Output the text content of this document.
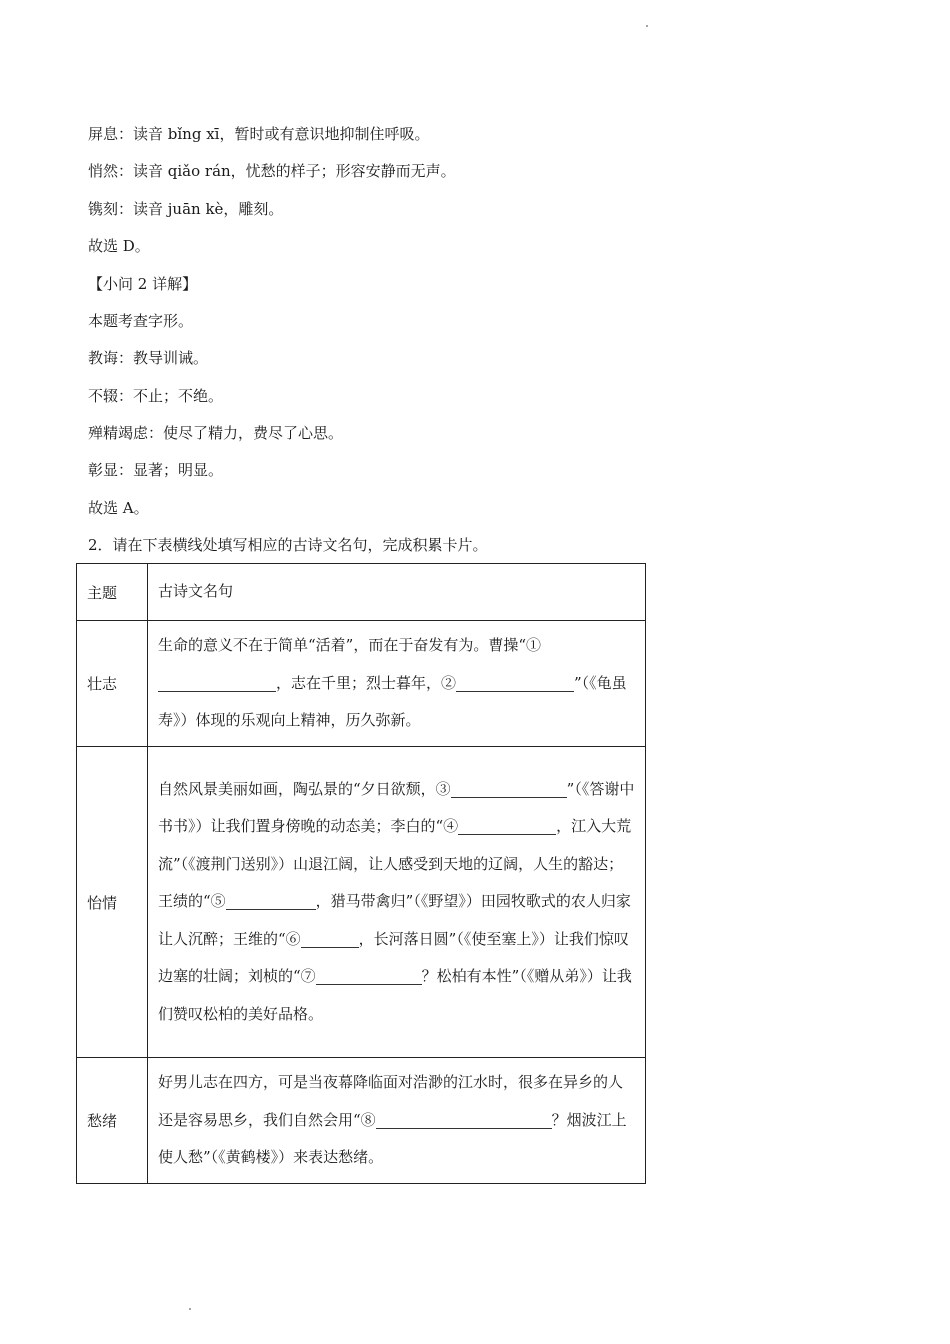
屏息：读音 bǐng xī，暂时或有意识地抑制住呼吸。
悄然：读音 qiǎo rán，忧愁的样子；形容安静而无声。
镌刻：读音 juān kè，雕刻。
故选 D。
【小问 2 详解】
本题考查字形。
教诲：教导训诫。
不辍：不止；不绝。
殚精竭虑：使尽了精力，费尽了心思。
彰显：显著；明显。
故选 A。
2．请在下表横线处填写相应的古诗文名句，完成积累卡片。
主题	古诗文名句
壮志	生命的意义不在于简单“活着”，而在于奋发有为。曹操“①，志在千里；烈士暮年，② ”（《龟虽寿》）体现的乐观向上精神，历久弥新。
怡情	自然风景美丽如画，陶弘景的“夕日欲颓，③ ”（《答谢中书书》）让我们置身傍晚的动态美；李白的“④ ，江入大荒流”（《渡荆门送别》）山退江阔，让人感受到天地的辽阔，人生的豁达；王绩的“⑤ ，猎马带禽归”（《野望》）田园牧歌式的农人归家让人沉醉；王维的“⑥ ，长河落日圆”（《使至塞上》）让我们惊叹边塞的壮阔；刘桢的“⑦ ？松柏有本性”（《赠从弟》）让我们赞叹松柏的美好品格。
愁绪	好男儿志在四方，可是当夜幕降临面对浩渺的江水时，很多在异乡的人还是容易思乡，我们自然会用“⑧ ？烟波江上使人愁”（《黄鹤楼》）来表达愁绪。
